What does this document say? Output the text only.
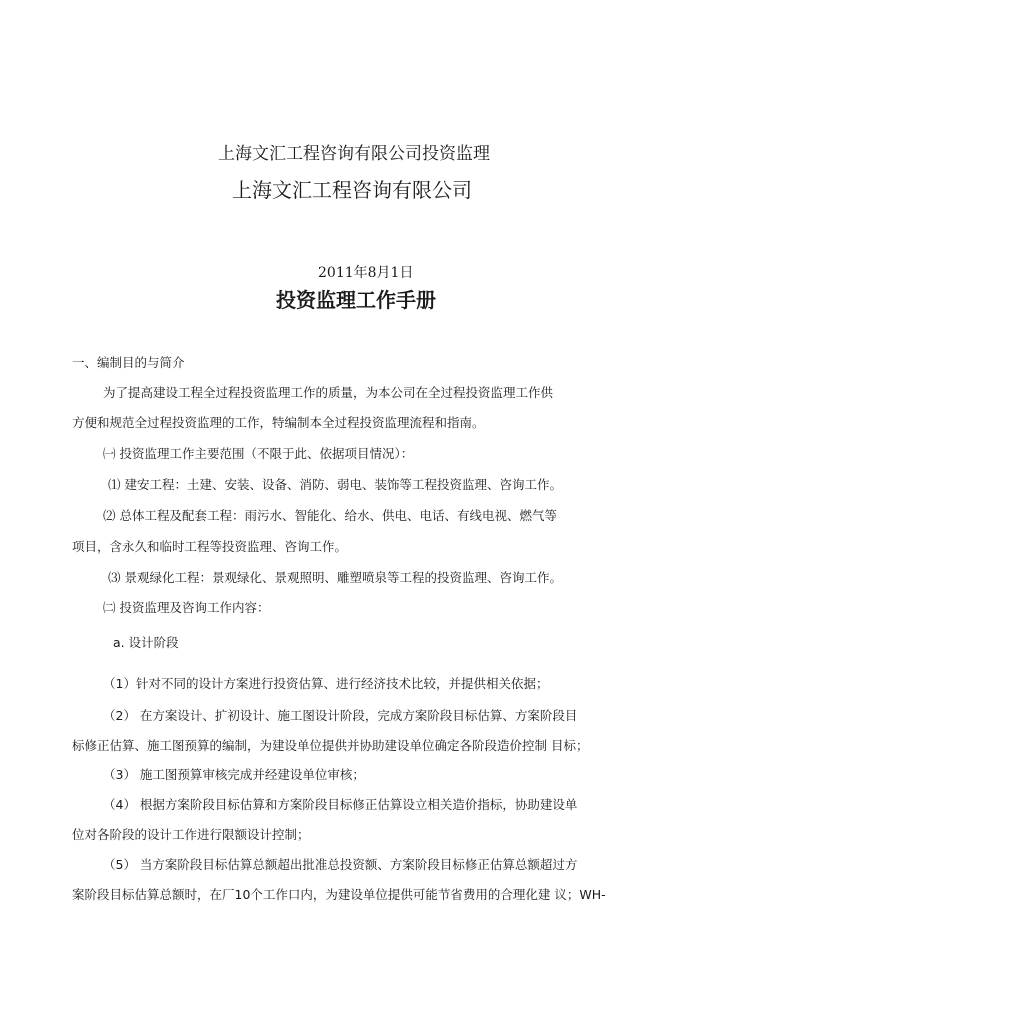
上海文汇工程咨询有限公司投资监理
上海文汇工程咨询有限公司
2011年8月1日
投资监理工作手册
一、编制目的与简介
为了提高建设工程全过程投资监理工作的质量，为本公司在全过程投资监理工作供
方便和规范全过程投资监理的工作，特编制本全过程投资监理流程和指南。
㈠ 投资监理工作主要范围（不限于此、依据项目情况）：
⑴ 建安工程：土建、安装、设备、消防、弱电、装饰等工程投资监理、咨询工作。
⑵ 总体工程及配套工程：雨污水、智能化、给水、供电、电话、有线电视、燃气等
项目，含永久和临时工程等投资监理、咨询工作。
⑶ 景观绿化工程：景观绿化、景观照明、雕塑喷泉等工程的投资监理、咨询工作。
㈡ 投资监理及咨询工作内容：
a. 设计阶段
（1）针对不同的设计方案进行投资估算、进行经济技术比较，并提供相关依据；
（2） 在方案设计、扩初设计、施工图设计阶段，完成方案阶段目标估算、方案阶段目
标修正估算、施工图预算的编制，为建设单位提供并协助建设单位确定各阶段造价控制 目标；
（3） 施工图预算审核完成并经建设单位审核；
（4） 根据方案阶段目标估算和方案阶段目标修正估算设立相关造价指标，协助建设单
位对各阶段的设计工作进行限额设计控制；
（5） 当方案阶段目标估算总额超出批准总投资额、方案阶段目标修正估算总额超过方
案阶段目标估算总额时，在厂10个工作口内，为建设单位提供可能节省费用的合理化建 议；WH-
